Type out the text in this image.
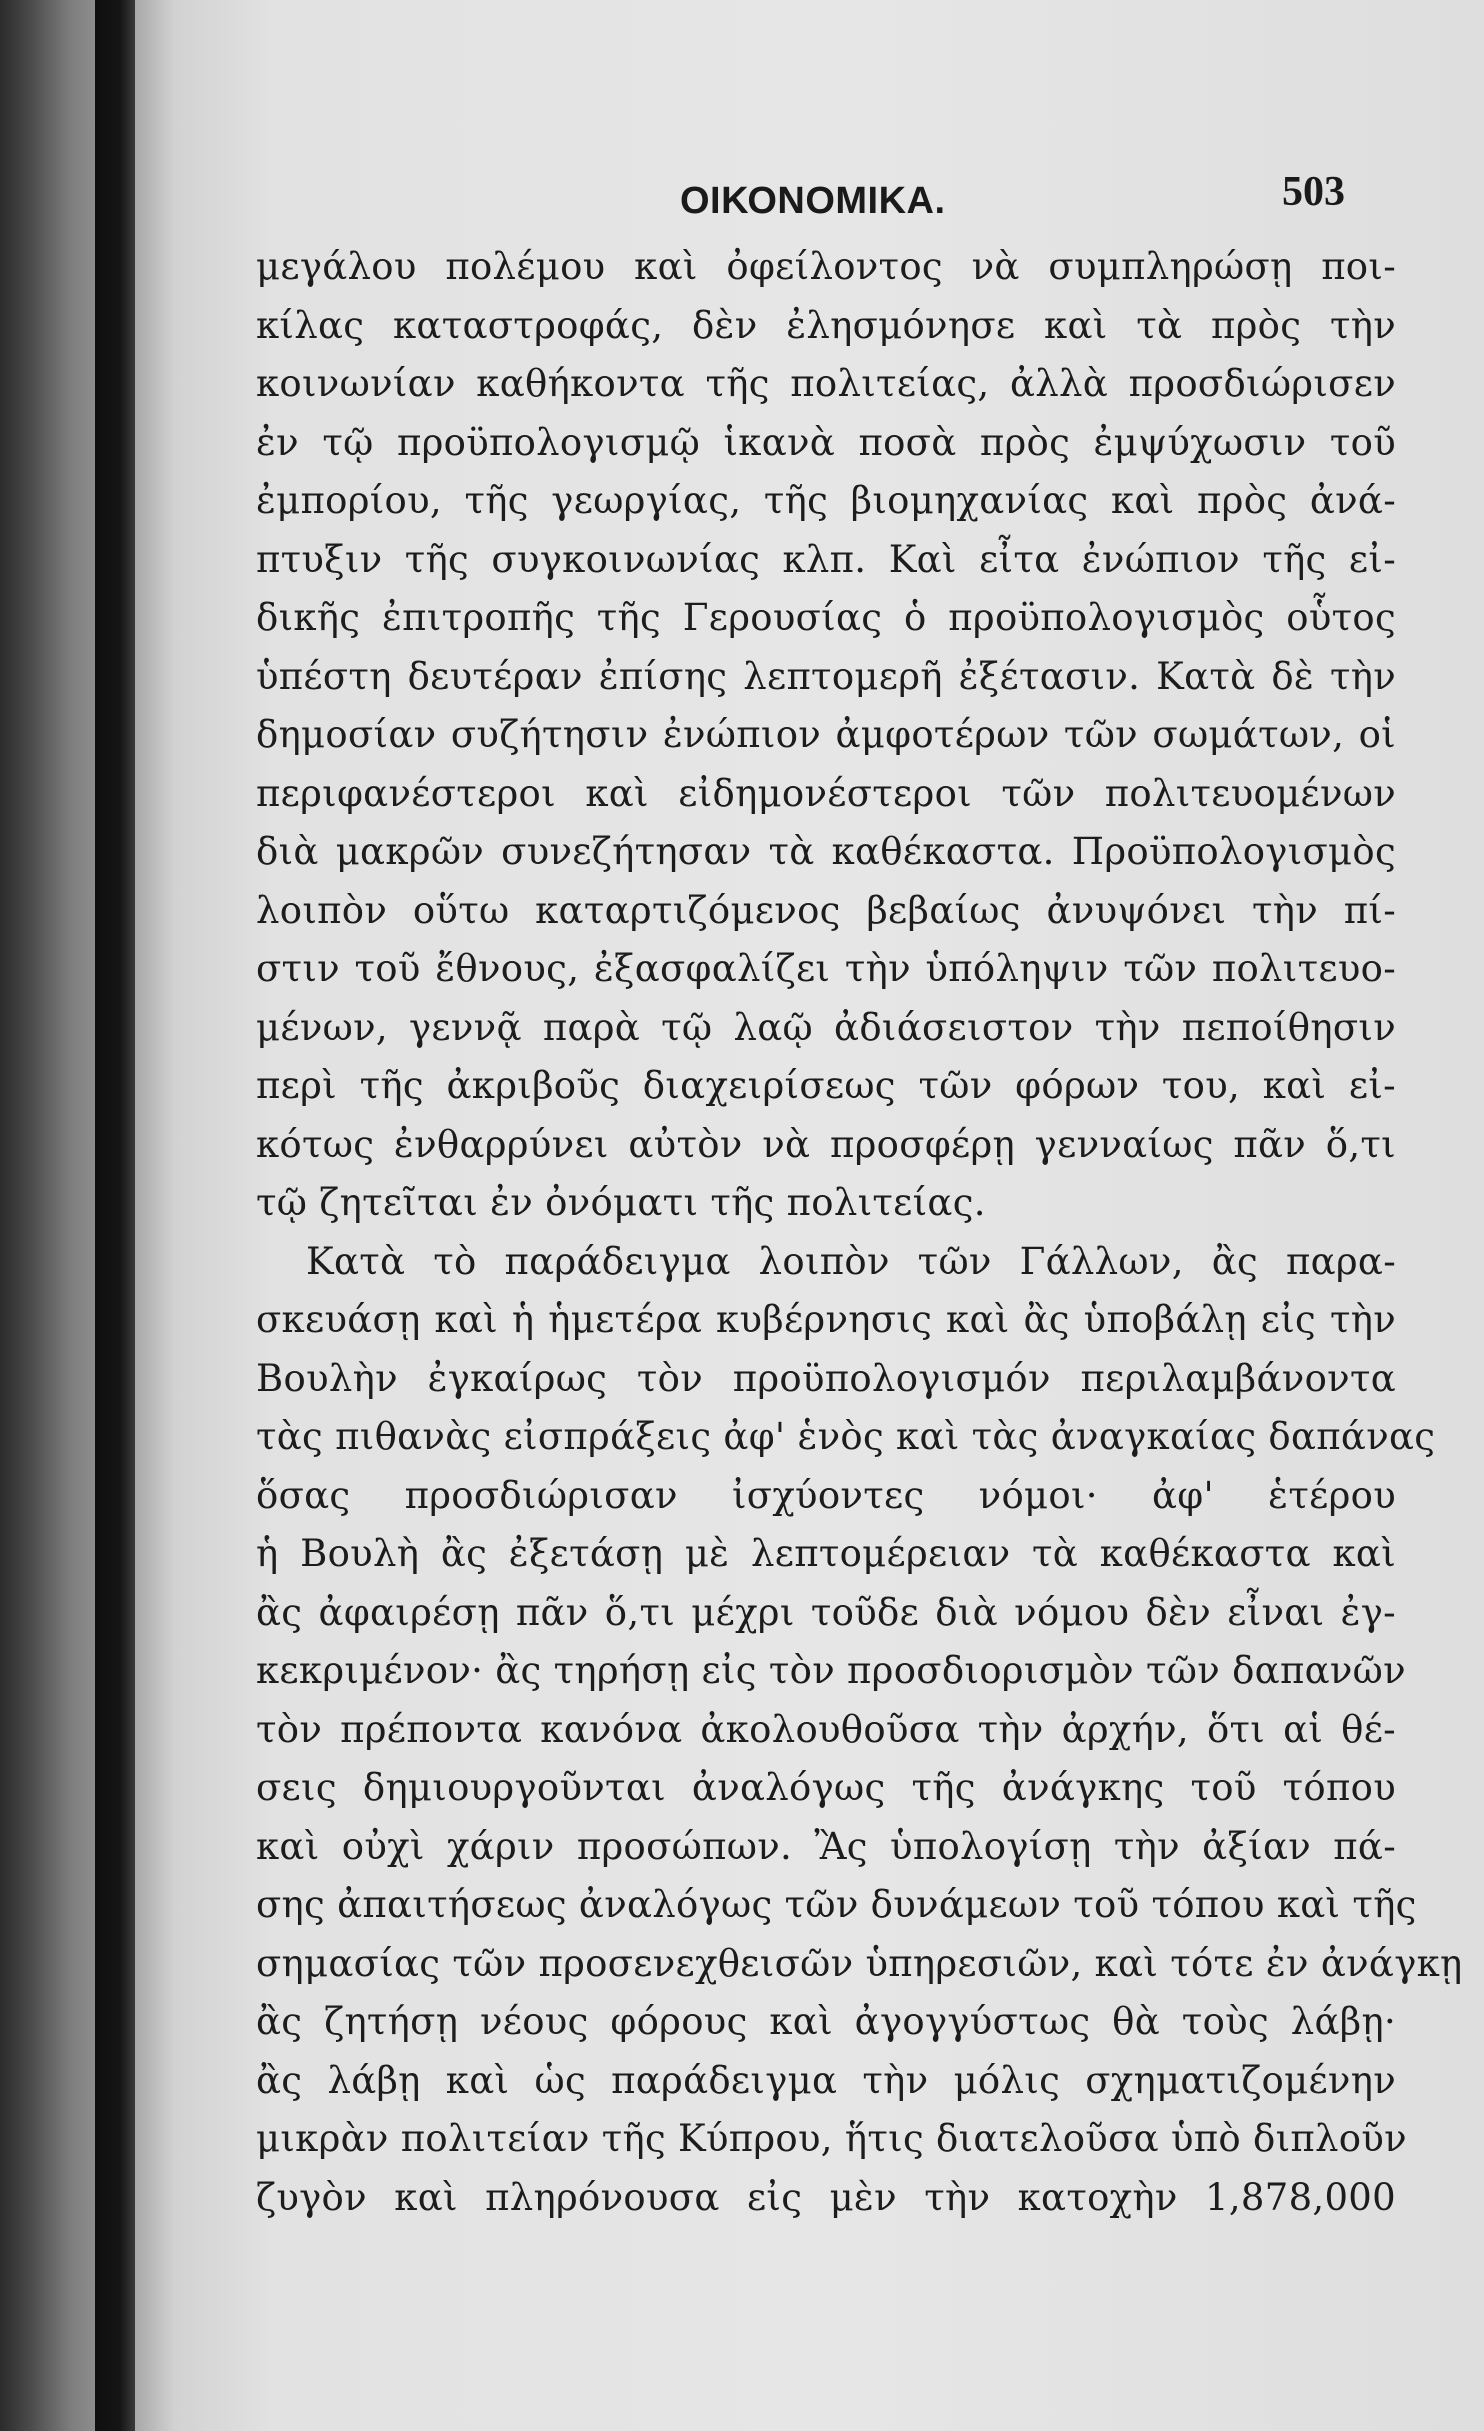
ΟΙΚΟΝΟΜΙΚΑ.	503
μεγάλου πολέμου καὶ ὀφείλοντος νὰ συμπληρώσῃ ποι-
κίλας καταστροφάς, δὲν ἐλησμόνησε καὶ τὰ πρὸς τὴν
κοινωνίαν καθήκοντα τῆς πολιτείας, ἀλλὰ προσδιώρισεν
ἐν τῷ προϋπολογισμῷ ἱκανὰ ποσὰ πρὸς ἐμψύχωσιν τοῦ
ἐμπορίου, τῆς γεωργίας, τῆς βιομηχανίας καὶ πρὸς ἀνά-
πτυξιν τῆς συγκοινωνίας κλπ. Καὶ εἶτα ἐνώπιον τῆς εἰ-
δικῆς ἐπιτροπῆς τῆς Γερουσίας ὁ προϋπολογισμὸς οὗτος
ὑπέστη δευτέραν ἐπίσης λεπτομερῆ ἐξέτασιν. Κατὰ δὲ τὴν
δημοσίαν συζήτησιν ἐνώπιον ἀμφοτέρων τῶν σωμάτων, οἱ
περιφανέστεροι καὶ εἰδημονέστεροι τῶν πολιτευομένων
διὰ μακρῶν συνεζήτησαν τὰ καθέκαστα. Προϋπολογισμὸς
λοιπὸν οὕτω καταρτιζόμενος βεβαίως ἀνυψόνει τὴν πί-
στιν τοῦ ἔθνους, ἐξασφαλίζει τὴν ὑπόληψιν τῶν πολιτευο-
μένων, γεννᾷ παρὰ τῷ λαῷ ἀδιάσειστον τὴν πεποίθησιν
περὶ τῆς ἀκριβοῦς διαχειρίσεως τῶν φόρων του, καὶ εἰ-
κότως ἐνθαρρύνει αὐτὸν νὰ προσφέρῃ γενναίως πᾶν ὅ,τι
τῷ ζητεῖται ἐν ὀνόματι τῆς πολιτείας.
Κατὰ τὸ παράδειγμα λοιπὸν τῶν Γάλλων, ἂς παρα-
σκευάσῃ καὶ ἡ ἡμετέρα κυβέρνησις καὶ ἂς ὑποβάλῃ εἰς τὴν
Βουλὴν ἐγκαίρως τὸν προϋπολογισμόν περιλαμβάνοντα
τὰς πιθανὰς εἰσπράξεις ἀφ' ἑνὸς καὶ τὰς ἀναγκαίας δαπάνας
ὅσας προσδιώρισαν ἰσχύοντες νόμοι· ἀφ' ἑτέρου
ἡ Βουλὴ ἂς ἐξετάσῃ μὲ λεπτομέρειαν τὰ καθέκαστα καὶ
ἂς ἀφαιρέσῃ πᾶν ὅ,τι μέχρι τοῦδε διὰ νόμου δὲν εἶναι ἐγ-
κεκριμένον· ἂς τηρήσῃ εἰς τὸν προσδιορισμὸν τῶν δαπανῶν
τὸν πρέποντα κανόνα ἀκολουθοῦσα τὴν ἀρχήν, ὅτι αἱ θέ-
σεις δημιουργοῦνται ἀναλόγως τῆς ἀνάγκης τοῦ τόπου
καὶ οὐχὶ χάριν προσώπων. Ἂς ὑπολογίσῃ τὴν ἀξίαν πά-
σης ἀπαιτήσεως ἀναλόγως τῶν δυνάμεων τοῦ τόπου καὶ τῆς
σημασίας τῶν προσενεχθεισῶν ὑπηρεσιῶν, καὶ τότε ἐν ἀνάγκῃ
ἂς ζητήσῃ νέους φόρους καὶ ἀγογγύστως θὰ τοὺς λάβῃ·
ἂς λάβῃ καὶ ὡς παράδειγμα τὴν μόλις σχηματιζομένην
μικρὰν πολιτείαν τῆς Κύπρου, ἥτις διατελοῦσα ὑπὸ διπλοῦν
ζυγὸν καὶ πληρόνουσα εἰς μὲν τὴν κατοχὴν 1,878,000
